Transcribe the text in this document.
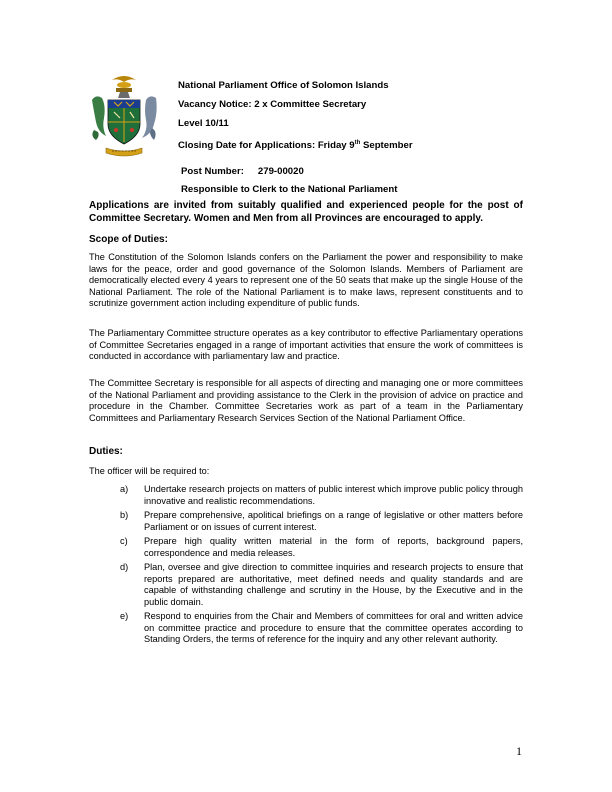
National Parliament Office of Solomon Islands
Vacancy Notice: 2 x Committee Secretary
Level 10/11
Closing Date for Applications: Friday 9th September
Post Number: 279-00020
Responsible to Clerk to the National Parliament
Applications are invited from suitably qualified and experienced people for the post of Committee Secretary. Women and Men from all Provinces are encouraged to apply.
Scope of Duties:

The Constitution of the Solomon Islands confers on the Parliament the power and responsibility to make laws for the peace, order and good governance of the Solomon Islands. Members of Parliament are democratically elected every 4 years to represent one of the 50 seats that make up the single House of the National Parliament. The role of the National Parliament is to make laws, represent constituents and to scrutinize government action including expenditure of public funds.

The Parliamentary Committee structure operates as a key contributor to effective Parliamentary operations of Committee Secretaries engaged in a range of important activities that ensure the work of committees is conducted in accordance with parliamentary law and practice.

The Committee Secretary is responsible for all aspects of directing and managing one or more committees of the National Parliament and providing assistance to the Clerk in the provision of advice on practice and procedure in the Chamber. Committee Secretaries work as part of a team in the Parliamentary Committees and Parliamentary Research Services Section of the National Parliament Office.

Duties:
The officer will be required to:
a) Undertake research projects on matters of public interest which improve public policy through innovative and realistic recommendations.
b) Prepare comprehensive, apolitical briefings on a range of legislative or other matters before Parliament or on issues of current interest.
c) Prepare high quality written material in the form of reports, background papers, correspondence and media releases.
d) Plan, oversee and give direction to committee inquiries and research projects to ensure that reports prepared are authoritative, meet defined needs and quality standards and are capable of withstanding challenge and scrutiny in the House, by the Executive and in the public domain.
e) Respond to enquiries from the Chair and Members of committees for oral and written advice on committee practice and procedure to ensure that the committee operates according to Standing Orders, the terms of reference for the inquiry and any other relevant authority.
1
